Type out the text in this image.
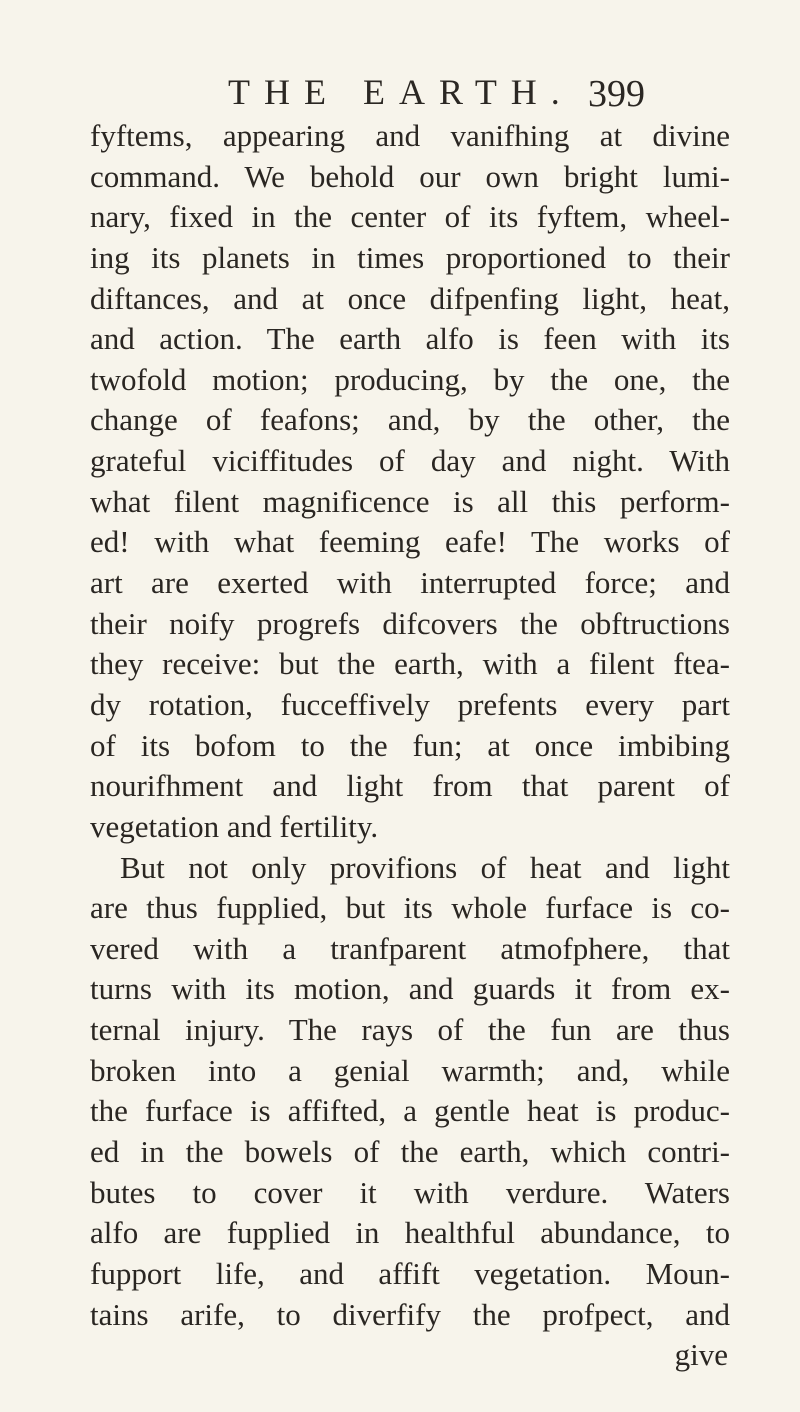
THE EARTH. 399
fyftems, appearing and vanifhing at divine
command. We behold our own bright lumi-
nary, fixed in the center of its fyftem, wheel-
ing its planets in times proportioned to their
diftances, and at once difpenfing light, heat,
and action. The earth alfo is feen with its
twofold motion; producing, by the one, the
change of feafons; and, by the other, the
grateful viciffitudes of day and night. With
what filent magnificence is all this perform-
ed! with what feeming eafe! The works of
art are exerted with interrupted force; and
their noify progrefs difcovers the obftructions
they receive: but the earth, with a filent ftea-
dy rotation, fucceffively prefents every part
of its bofom to the fun; at once imbibing
nourifhment and light from that parent of
vegetation and fertility.
But not only provifions of heat and light
are thus fupplied, but its whole furface is co-
vered with a tranfparent atmofphere, that
turns with its motion, and guards it from ex-
ternal injury. The rays of the fun are thus
broken into a genial warmth; and, while
the furface is affifted, a gentle heat is produc-
ed in the bowels of the earth, which contri-
butes to cover it with verdure. Waters
alfo are fupplied in healthful abundance, to
fupport life, and affift vegetation. Moun-
tains arife, to diverfify the profpect, and
give
